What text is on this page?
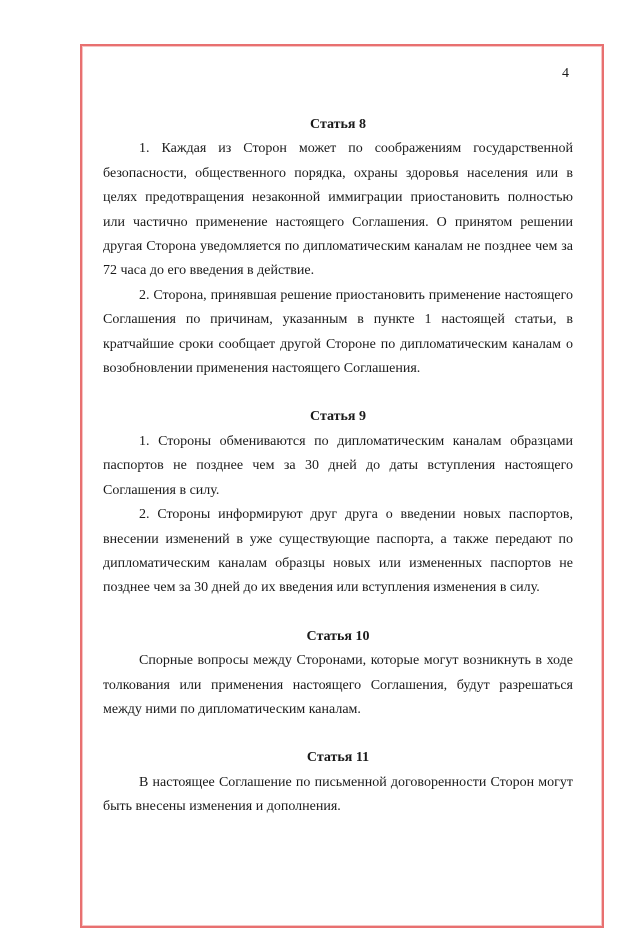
4
Статья 8

1. Каждая из Сторон может по соображениям государственной безопасности, общественного порядка, охраны здоровья населения или в целях предотвращения незаконной иммиграции приостановить полностью или частично применение настоящего Соглашения. О принятом решении другая Сторона уведомляется по дипломатическим каналам не позднее чем за 72 часа до его введения в действие.

2. Сторона, принявшая решение приостановить применение настоящего Соглашения по причинам, указанным в пункте 1 настоящей статьи, в кратчайшие сроки сообщает другой Стороне по дипломатическим каналам о возобновлении применения настоящего Соглашения.

Статья 9

1. Стороны обмениваются по дипломатическим каналам образцами паспортов не позднее чем за 30 дней до даты вступления настоящего Соглашения в силу.

2. Стороны информируют друг друга о введении новых паспортов, внесении изменений в уже существующие паспорта, а также передают по дипломатическим каналам образцы новых или измененных паспортов не позднее чем за 30 дней до их введения или вступления изменения в силу.

Статья 10

Спорные вопросы между Сторонами, которые могут возникнуть в ходе толкования или применения настоящего Соглашения, будут разрешаться между ними по дипломатическим каналам.

Статья 11

В настоящее Соглашение по письменной договоренности Сторон могут быть внесены изменения и дополнения.
